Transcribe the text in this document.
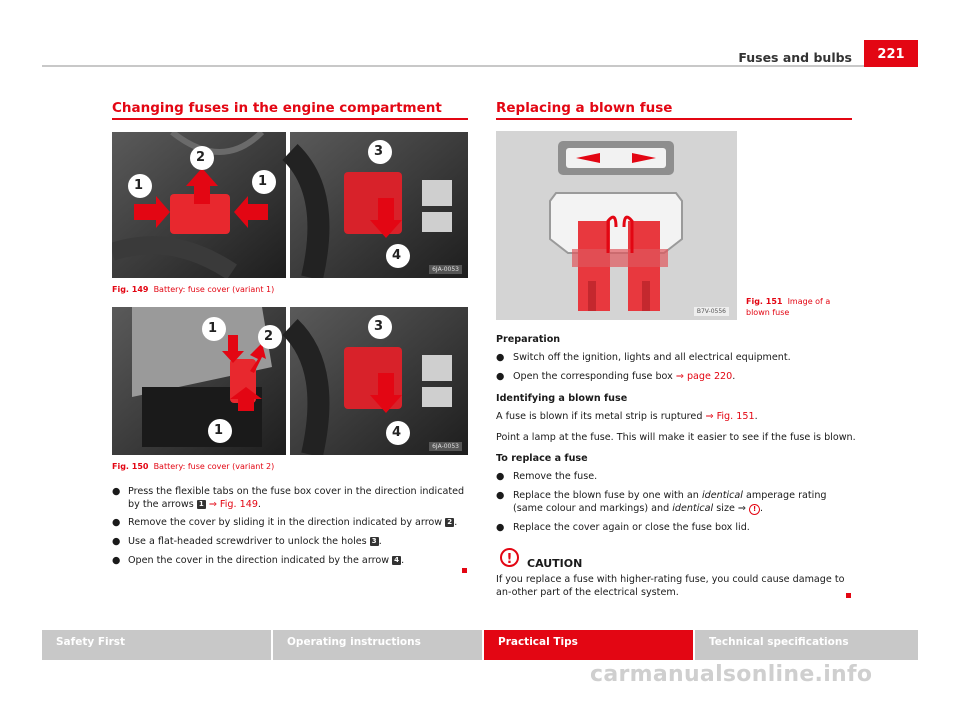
Fuses and bulbs	221
Changing fuses in the engine compartment
1
2
1
3
4
6JA-0053
Fig. 149 Battery: fuse cover (variant 1)
1
2
1
3
4
6JA-0053
Fig. 150 Battery: fuse cover (variant 2)
● Press the flexible tabs on the fuse box cover in the direction indicated by the arrows 1 ⇒ Fig. 149.
● Remove the cover by sliding it in the direction indicated by arrow 2 .
● Use a flat-headed screwdriver to unlock the holes 3 .
● Open the cover in the direction indicated by the arrow 4 .
Replacing a blown fuse
B7V-0556
Fig. 151 Image of a blown fuse
Preparation
● Switch off the ignition, lights and all electrical equipment.
● Open the corresponding fuse box ⇒ page 220.
Identifying a blown fuse
A fuse is blown if its metal strip is ruptured ⇒ Fig. 151.
Point a lamp at the fuse. This will make it easier to see if the fuse is blown.
To replace a fuse
● Remove the fuse.
● Replace the blown fuse by one with an identical amperage rating (same colour and markings) and identical size ⇒ ! .
● Replace the cover again or close the fuse box lid.
!	CAUTION
If you replace a fuse with higher-rating fuse, you could cause damage to an-other part of the electrical system.
Safety First	Operating instructions	Practical Tips	Technical specifications
carmanualsonline.info
